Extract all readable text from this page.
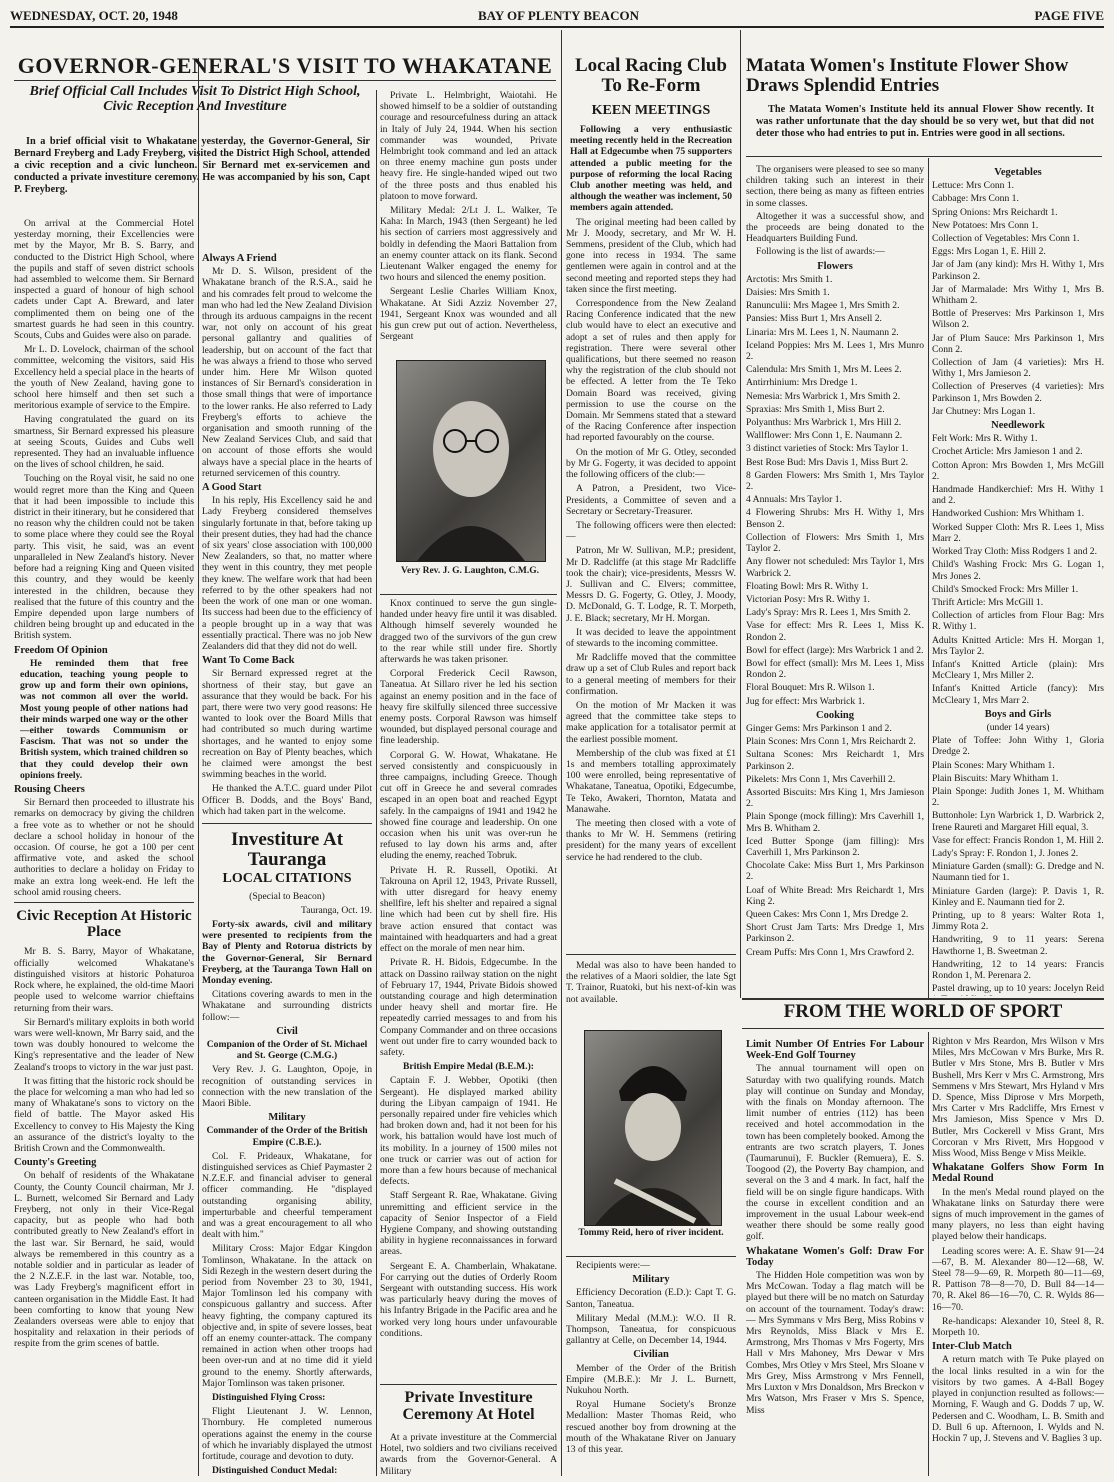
WEDNESDAY, OCT. 20, 1948	BAY OF PLENTY BEACON	PAGE FIVE
GOVERNOR-GENERAL'S VISIT TO WHAKATANE
Brief Official Call Includes Visit To District High School, Civic Reception And Investiture
In a brief official visit to Whakatane yesterday, the Governor-General, Sir Bernard Freyberg and Lady Freyberg, visited the District High School, attended a civic reception and a civic luncheon. Sir Bernard met ex-servicemen and conducted a private investiture ceremony. He was accompanied by his son, Capt P. Freyberg.

On arrival at the Commercial Hotel yesterday morning, their Excellencies were met by the Mayor, Mr B. S. Barry, and conducted to the District High School, where the pupils and staff of seven district schools had assembled to welcome them. Sir Bernard inspected a guard of honour of high school cadets under Capt A. Breward, and later complimented them on being one of the smartest guards he had seen in this country. Scouts, Cubs and Guides were also on parade.

Mr L. D. Lovelock, chairman of the school committee, welcoming the visitors, said His Excellency held a special place in the hearts of the youth of New Zealand, having gone to school here himself and then set such a meritorious example of service to the Empire.

Having congratulated the guard on its smartness, Sir Bernard expressed his pleasure at seeing Scouts, Guides and Cubs well represented. They had an invaluable influence on the lives of school children, he said.

Touching on the Royal visit, he said no one would regret more than the King and Queen that it had been impossible to include this district in their itinerary, but he considered that no reason why the children could not be taken to some place where they could see the Royal party. This visit, he said, was an event unparalleled in New Zealand's history. Never before had a reigning King and Queen visited this country, and they would be keenly interested in the children, because they realised that the future of this country and the Empire depended upon large numbers of children being brought up and educated in the British system.

Freedom Of Opinion

He reminded them that free education, teaching young people to grow up and form their own opinions, was not common all over the world. Most young people of other nations had their minds warped one way or the other—either towards Communism or Fascism. That was not so under the British system, which trained children so that they could develop their own opinions freely.

Rousing Cheers

Sir Bernard then proceeded to illustrate his remarks on democracy by giving the children a free vote as to whether or not he should declare a school holiday in honour of the occasion. Of course, he got a 100 per cent affirmative vote, and asked the school authorities to declare a holiday on Friday to make an extra long week-end. He left the school amid rousing cheers.

Civic Reception At Historic Place

Mr B. S. Barry, Mayor of Whakatane, officially welcomed Whakatane's distinguished visitors at historic Pohaturoa Rock where, he explained, the old-time Maori people used to welcome warrior chieftains returning from their wars.

Sir Bernard's military exploits in both world wars were well-known, Mr Barry said, and the town was doubly honoured to welcome the King's representative and the leader of New Zealand's troops to victory in the war just past.

It was fitting that the historic rock should be the place for welcoming a man who had led so many of Whakatane's sons to victory on the field of battle. The Mayor asked His Excellency to convey to His Majesty the King an assurance of the district's loyalty to the British Crown and the Commonwealth.

County's Greeting

On behalf of residents of the Whakatane County, the County Council chairman, Mr J. L. Burnett, welcomed Sir Bernard and Lady Freyberg, not only in their Vice-Regal capacity, but as people who had both contributed greatly to New Zealand's effort in the last war. Sir Bernard, he said, would always be remembered in this country as a notable soldier and in particular as leader of the 2 N.Z.E.F. in the last war. Notable, too, was Lady Freyberg's magnificent effort in canteen organisation in the Middle East. It had been comforting to know that young New Zealanders overseas were able to enjoy that hospitality and relaxation in their periods of respite from the grim scenes of battle.

Always A Friend

Mr D. S. Wilson, president of the Whakatane branch of the R.S.A., said he and his comrades felt proud to welcome the man who had led the New Zealand Division through its arduous campaigns in the recent war, not only on account of his great personal gallantry and qualities of leadership, but on account of the fact that he was always a friend to those who served under him. Here Mr Wilson quoted instances of Sir Bernard's consideration in those small things that were of importance to the lower ranks. He also referred to Lady Freyberg's efforts to achieve the organisation and smooth running of the New Zealand Services Club, and said that on account of those efforts she would always have a special place in the hearts of returned servicemen of this country.

A Good Start

In his reply, His Excellency said he and Lady Freyberg considered themselves singularly fortunate in that, before taking up their present duties, they had had the chance of six years' close association with 100,000 New Zealanders, so that, no matter where they went in this country, they met people they knew. The welfare work that had been referred to by the other speakers had not been the work of one man or one woman. Its success had been due to the efficiency of a people brought up in a way that was essentially practical. There was no job New Zealanders did that they did not do well.

Want To Come Back

Sir Bernard expressed regret at the shortness of their stay, but gave an assurance that they would be back. For his part, there were two very good reasons: He wanted to look over the Board Mills that had contributed so much during wartime shortages, and he wanted to enjoy some recreation on Bay of Plenty beaches, which he claimed were amongst the best swimming beaches in the world.

He thanked the A.T.C. guard under Pilot Officer B. Dodds, and the Boys' Band, which had taken part in the welcome.

Investiture At Tauranga
LOCAL CITATIONS

(Special to Beacon)

Tauranga, Oct. 19.

Forty-six awards, civil and military were presented to recipients from the Bay of Plenty and Rotorua districts by the Governor-General, Sir Bernard Freyberg, at the Tauranga Town Hall on Monday evening.

Citations covering awards to men in the Whakatane and surrounding districts follow:—

Civil

Companion of the Order of St. Michael and St. George (C.M.G.)

Very Rev. J. G. Laughton, Opoje, in recognition of outstanding services in connection with the new translation of the Maori Bible.

Military

Commander of the Order of the British Empire (C.B.E.).

Col. F. Prideaux, Whakatane, for distinguished services as Chief Paymaster 2 N.Z.E.F. and financial adviser to general officer commanding. He "displayed outstanding organising ability, imperturbable and cheerful temperament and was a great encouragement to all who dealt with him."

Military Cross: Major Edgar Kingdon Tomlinson, Whakatane. In the attack on Sidi Rezegh in the western desert during the period from November 23 to 30, 1941, Major Tomlinson led his company with conspicuous gallantry and success. After heavy fighting, the company captured its objective and, in spite of severe losses, beat off an enemy counter-attack. The company remained in action when other troops had been over-run and at no time did it yield ground to the enemy. Shortly afterwards, Major Tomlinson was taken prisoner.

Distinguished Flying Cross:

Flight Lieutenant J. W. Lennon, Thornbury. He completed numerous operations against the enemy in the course of which he invariably displayed the utmost fortitude, courage and devotion to duty.

Distinguished Conduct Medal:

Private L. Helmbright, Waiotahi. He showed himself to be a soldier of outstanding courage and resourcefulness during an attack in Italy of July 24, 1944. When his section commander was wounded, Private Helmbright took command and led an attack on three enemy machine gun posts under heavy fire. He single-handed wiped out two of the three posts and thus enabled his platoon to move forward.

Military Medal: 2/Lt J. L. Walker, Te Kaha: In March, 1943 (then Sergeant) he led his section of carriers most aggressively and boldly in defending the Maori Battalion from an enemy counter attack on its flank. Second Lieutenant Walker engaged the enemy for two hours and silenced the enemy position.

Sergeant Leslie Charles William Knox, Whakatane. At Sidi Azziz November 27, 1941, Sergeant Knox was wounded and all his gun crew put out of action. Nevertheless, Sergeant

Very Rev. J. G. Laughton, C.M.G.

Knox continued to serve the gun single-handed under heavy fire until it was disabled. Although himself severely wounded he dragged two of the survivors of the gun crew to the rear while still under fire. Shortly afterwards he was taken prisoner.

Corporal Frederick Cecil Rawson, Taneatua. At Sillaro river he led his section against an enemy position and in the face of heavy fire skilfully silenced three successive enemy posts. Corporal Rawson was himself wounded, but displayed personal courage and fine leadership.

Corporal G. W. Howat, Whakatane. He served consistently and conspicuously in three campaigns, including Greece. Though cut off in Greece he and several comrades escaped in an open boat and reached Egypt safely. In the campaigns of 1941 and 1942 he showed fine courage and leadership. On one occasion when his unit was over-run he refused to lay down his arms and, after eluding the enemy, reached Tobruk.

Private H. R. Russell, Opotiki. At Takrouna on April 12, 1943, Private Russell, with utter disregard for heavy enemy shellfire, left his shelter and repaired a signal line which had been cut by shell fire. His brave action ensured that contact was maintained with headquarters and had a great effect on the morale of men near him.

Private R. H. Bidois, Edgecumbe. In the attack on Dassino railway station on the night of February 17, 1944, Private Bidois showed outstanding courage and high determination under heavy shell and mortar fire. He repeatedly carried messages to and from his Company Commander and on three occasions went out under fire to carry wounded back to safety.

British Empire Medal (B.E.M.):

Captain F. J. Webber, Opotiki (then Sergeant). He displayed marked ability during the Libyan campaign of 1941. He personally repaired under fire vehicles which had broken down and, had it not been for his work, his battalion would have lost much of its mobility. In a journey of 1500 miles not one truck or carrier was out of action for more than a few hours because of mechanical defects.

Staff Sergeant R. Rae, Whakatane. Giving unremitting and efficient service in the capacity of Senior Inspector of a Field Hygiene Company, and showing outstanding ability in hygiene reconnaissances in forward areas.

Sergeant E. A. Chamberlain, Whakatane. For carrying out the duties of Orderly Room Sergeant with outstanding success. His work was particularly heavy during the moves of his Infantry Brigade in the Pacific area and he worked very long hours under unfavourable conditions.

Private Investiture Ceremony At Hotel

At a private investiture at the Commercial Hotel, two soldiers and two civilians received awards from the Governor-General. A Military

Local Racing Club To Re-Form
KEEN MEETINGS

Following a very enthusiastic meeting recently held in the Recreation Hall at Edgecumbe when 75 supporters attended a public meeting for the purpose of reforming the local Racing Club another meeting was held, and although the weather was inclement, 50 members again attended.

The original meeting had been called by Mr J. Moody, secretary, and Mr W. H. Semmens, president of the Club, which had gone into recess in 1934. The same gentlemen were again in control and at the second meeting and reported steps they had taken since the first meeting.

Correspondence from the New Zealand Racing Conference indicated that the new club would have to elect an executive and adopt a set of rules and then apply for registration. There were several other qualifications, but there seemed no reason why the registration of the club should not be effected. A letter from the Te Teko Domain Board was received, giving permission to use the course on the Domain. Mr Semmens stated that a steward of the Racing Conference after inspection had reported favourably on the course.

On the motion of Mr G. Otley, seconded by Mr G. Fogerty, it was decided to appoint the following officers of the club:—

A Patron, a President, two Vice-Presidents, a Committee of seven and a Secretary or Secretary-Treasurer.

The following officers were then elected:—

Patron, Mr W. Sullivan, M.P.; president, Mr D. Radcliffe (at this stage Mr Radcliffe took the chair); vice-presidents, Messrs W. J. Sullivan and C. Elvers; committee, Messrs D. G. Fogerty, G. Otley, J. Moody, D. McDonald, G. T. Lodge, R. T. Morpeth, J. E. Black; secretary, Mr H. Morgan.

It was decided to leave the appointment of stewards to the incoming committee.

Mr Radcliffe moved that the committee draw up a set of Club Rules and report back to a general meeting of members for their confirmation.

On the motion of Mr Macken it was agreed that the committee take steps to make application for a totalisator permit at the earliest possible moment.

Membership of the club was fixed at £1 1s and members totalling approximately 100 were enrolled, being representative of Whakatane, Taneatua, Opotiki, Edgecumbe, Te Teko, Awakeri, Thornton, Matata and Manawahe.

The meeting then closed with a vote of thanks to Mr W. H. Semmens (retiring president) for the many years of excellent service he had rendered to the club.

Medal was also to have been handed to the relatives of a Maori soldier, the late Sgt T. Trainor, Ruatoki, but his next-of-kin was not available.

Tommy Reid, hero of river incident.

Recipients were:—

Military

Efficiency Decoration (E.D.): Capt T. G. Santon, Taneatua.

Military Medal (M.M.): W.O. II R. Thompson, Taneatua, for conspicuous gallantry at Celle, on December 14, 1944.

Civilian

Member of the Order of the British Empire (M.B.E.): Mr J. L. Burnett, Nukuhou North.

Royal Humane Society's Bronze Medallion: Master Thomas Reid, who rescued another boy from drowning at the mouth of the Whakatane River on January 13 of this year.

Matata Women's Institute Flower Show Draws Splendid Entries
The Matata Women's Institute held its annual Flower Show recently. It was rather unfortunate that the day should be so very wet, but that did not deter those who had entries to put in. Entries were good in all sections.

The organisers were pleased to see so many children taking such an interest in their section, there being as many as fifteen entries in some classes.

Altogether it was a successful show, and the proceeds are being donated to the Headquarters Building Fund.

Following is the list of awards:—

Flowers

Arctotis: Mrs Smith 1.

Daisies: Mrs Smith 1.

Ranunculii: Mrs Magee 1, Mrs Smith 2.

Pansies: Miss Burt 1, Mrs Ansell 2.

Linaria: Mrs M. Lees 1, N. Naumann 2.

Iceland Poppies: Mrs M. Lees 1, Mrs Munro 2.

Calendula: Mrs Smith 1, Mrs M. Lees 2.

Antirrhinium: Mrs Dredge 1.

Nemesia: Mrs Warbrick 1, Mrs Smith 2.

Spraxias: Mrs Smith 1, Miss Burt 2.

Polyanthus: Mrs Warbrick 1, Mrs Hill 2.

Wallflower: Mrs Conn 1, E. Naumann 2.

3 distinct varieties of Stock: Mrs Taylor 1.

Best Rose Bud: Mrs Davis 1, Miss Burt 2.

8 Garden Flowers: Mrs Smith 1, Mrs Taylor 2.

4 Annuals: Mrs Taylor 1.

4 Flowering Shrubs: Mrs H. Withy 1, Mrs Benson 2.

Collection of Flowers: Mrs Smith 1, Mrs Taylor 2.

Any flower not scheduled: Mrs Taylor 1, Mrs Warbrick 2.

Floating Bowl: Mrs R. Withy 1.

Victorian Posy: Mrs R. Withy 1.

Lady's Spray: Mrs R. Lees 1, Mrs Smith 2.

Vase for effect: Mrs R. Lees 1, Miss K. Rondon 2.

Bowl for effect (large): Mrs Warbrick 1 and 2.

Bowl for effect (small): Mrs M. Lees 1, Miss Rondon 2.

Floral Bouquet: Mrs R. Wilson 1.

Jug for effect: Mrs Warbrick 1.

Cooking

Ginger Gems: Mrs Parkinson 1 and 2.

Plain Scones: Mrs Conn 1, Mrs Reichardt 2.

Sultana Scones: Mrs Reichardt 1, Mrs Parkinson 2.

Pikelets: Mrs Conn 1, Mrs Caverhill 2.

Assorted Biscuits: Mrs King 1, Mrs Jamieson 2.

Plain Sponge (mock filling): Mrs Caverhill 1, Mrs B. Whitham 2.

Iced Butter Sponge (jam filling): Mrs Caverhill 1, Mrs Parkinson 2.

Chocolate Cake: Miss Burt 1, Mrs Parkinson 2.

Loaf of White Bread: Mrs Reichardt 1, Mrs King 2.

Queen Cakes: Mrs Conn 1, Mrs Dredge 2.

Short Crust Jam Tarts: Mrs Dredge 1, Mrs Parkinson 2.

Cream Puffs: Mrs Conn 1, Mrs Crawford 2.

Vegetables

Lettuce: Mrs Conn 1.

Cabbage: Mrs Conn 1.

Spring Onions: Mrs Reichardt 1.

New Potatoes: Mrs Conn 1.

Collection of Vegetables: Mrs Conn 1.

Eggs: Mrs Logan 1, E. Hill 2.

Jar of Jam (any kind): Mrs H. Withy 1, Mrs Parkinson 2.

Jar of Marmalade: Mrs Withy 1, Mrs B. Whitham 2.

Bottle of Preserves: Mrs Parkinson 1, Mrs Wilson 2.

Jar of Plum Sauce: Mrs Parkinson 1, Mrs Conn 2.

Collection of Jam (4 varieties): Mrs H. Withy 1, Mrs Jamieson 2.

Collection of Preserves (4 varieties): Mrs Parkinson 1, Mrs Bowden 2.

Jar Chutney: Mrs Logan 1.

Needlework

Felt Work: Mrs R. Withy 1.

Crochet Article: Mrs Jamieson 1 and 2.

Cotton Apron: Mrs Bowden 1, Mrs McGill 2.

Handmade Handkerchief: Mrs H. Withy 1 and 2.

Handworked Cushion: Mrs Whitham 1.

Worked Supper Cloth: Mrs R. Lees 1, Miss Marr 2.

Worked Tray Cloth: Miss Rodgers 1 and 2.

Child's Washing Frock: Mrs G. Logan 1, Mrs Jones 2.

Child's Smocked Frock: Mrs Miller 1.

Thrift Article: Mrs McGill 1.

Collection of articles from Flour Bag: Mrs R. Withy 1.

Adults Knitted Article: Mrs H. Morgan 1, Mrs Taylor 2.

Infant's Knitted Article (plain): Mrs McCleary 1, Mrs Miller 2.

Infant's Knitted Article (fancy): Mrs McCleary 1, Mrs Marr 2.

Boys and Girls

(under 14 years)

Plate of Toffee: John Withy 1, Gloria Dredge 2.

Plain Scones: Mary Whitham 1.

Plain Biscuits: Mary Whitham 1.

Plain Sponge: Judith Jones 1, M. Whitham 2.

Buttonhole: Lyn Warbrick 1, D. Warbrick 2, Irene Raureti and Margaret Hill equal, 3.

Vase for effect: Francis Rondon 1, M. Hill 2.

Lady's Spray: F. Rondon 1, J. Jones 2.

Miniature Garden (small): G. Dredge and N. Naumann tied for 1.

Miniature Garden (large): P. Davis 1, R. Kinley and E. Naumann tied for 2.

Printing, up to 8 years: Walter Rota 1, Jimmy Rota 2.

Handwriting, 9 to 11 years: Serena Hawthorne 1, B. Sweetman 2.

Handwriting, 12 to 14 years: Francis Rondon 1, M. Perenara 2.

Pastel drawing, up to 10 years: Jocelyn Reid

FROM THE WORLD OF SPORT
Limit Number Of Entries For Labour Week-End Golf Tourney

The annual tournament will open on Saturday with two qualifying rounds. Match play will continue on Sunday and Monday, with the finals on Monday afternoon. The limit number of entries (112) has been received and hotel accommodation in the town has been completely booked. Among the entrants are two scratch players, T. Jones (Taumarunui), F. Buckler (Remuera), E. S. Toogood (2), the Poverty Bay champion, and several on the 3 and 4 mark. In fact, half the field will be on single figure handicaps. With the course in excellent condition and an improvement in the usual Labour week-end weather there should be some really good golf.

Whakatane Women's Golf: Draw For Today

The Hidden Hole competition was won by Mrs McCowan. Today a flag match will be played but there will be no match on Saturday on account of the tournament. Today's draw:— Mrs Symmans v Mrs Berg, Miss Robins v Mrs Reynolds, Miss Black v Mrs E. Armstrong, Mrs Thomas v Mrs Fogerty, Mrs Hall v Mrs Mahoney, Mrs Dewar v Mrs Combes, Mrs Otley v Mrs Steel, Mrs Sloane v Mrs Grey, Miss Armstrong v Mrs Fennell, Mrs Luxton v Mrs Donaldson, Mrs Breckon v Mrs Watson, Mrs Fraser v Mrs S. Spence, Miss

Righton v Mrs Reardon, Mrs Wilson v Mrs Miles, Mrs McCowan v Mrs Burke, Mrs R. Butler v Mrs Stone, Mrs B. Butler v Mrs Bushell, Mrs Kerr v Mrs C. Armstrong, Mrs Semmens v Mrs Stewart, Mrs Hyland v Mrs D. Spence, Miss Diprose v Mrs Morpeth, Mrs Carter v Mrs Radcliffe, Mrs Ernest v Mrs Jamieson, Miss Spence v Mrs D. Butler, Mrs Cockerell v Miss Grant, Mrs Corcoran v Mrs Rivett, Mrs Hopgood v Miss Wood, Miss Benge v Miss Meikle.

Whakatane Golfers Show Form In Medal Round

In the men's Medal round played on the Whakatane links on Saturday there were signs of much improvement in the games of many players, no less than eight having played below their handicaps.

Leading scores were: A. E. Shaw 91—24—67, B. M. Alexander 80—12—68, W. Steel 78—9—69, R. Morpeth 80—11—69, R. Pattison 78—8—70, D. Bull 84—14—70, R. Akel 86—16—70, C. R. Wylds 86—16—70.

Re-handicaps: Alexander 10, Steel 8, R. Morpeth 10.

Inter-Club Match

A return match with Te Puke played on the local links resulted in a win for the visitors by two games. A 4-Ball Bogey played in conjunction resulted as follows:— Morning, F. Waugh and G. Dodds 7 up, W. Pedersen and C. Woodham, L. B. Smith and D. Bull 6 up. Afternoon, I. Wylds and N. Hockin 7 up, J. Stevens and V. Baglies 3 up.
